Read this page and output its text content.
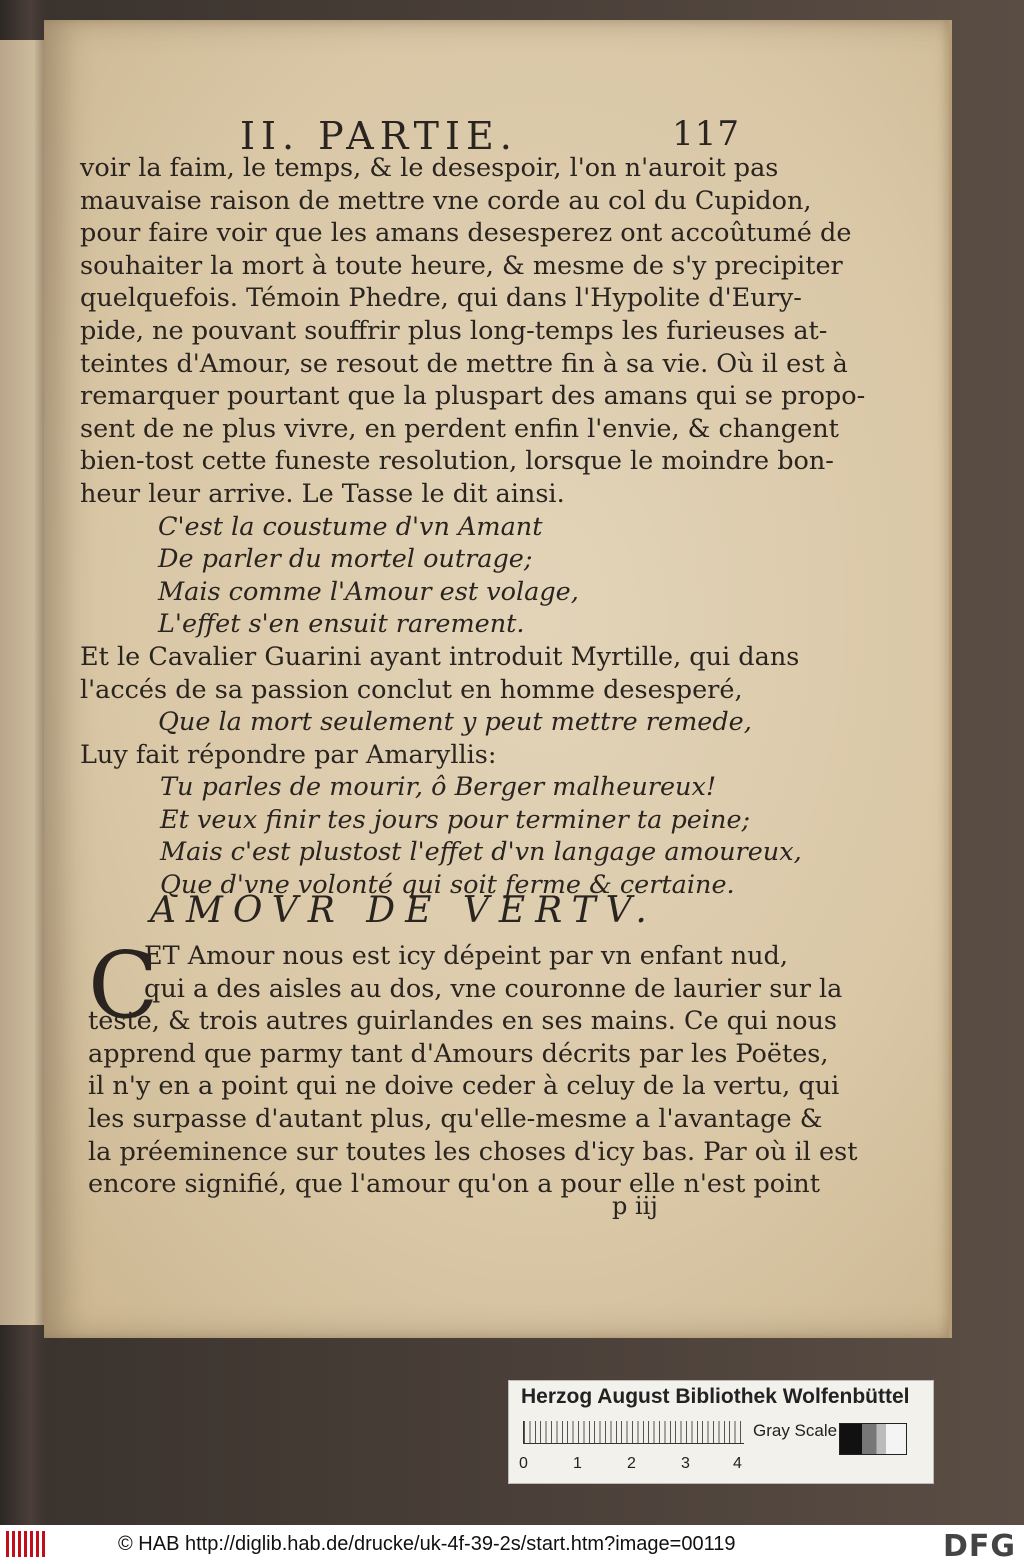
II. PARTIE.	117
voir la faim, le temps, & le desespoir, l'on n'auroit pas
mauvaise raison de mettre vne corde au col du Cupidon,
pour faire voir que les amans desesperez ont accoûtumé de
souhaiter la mort à toute heure, & mesme de s'y precipiter
quelquefois. Témoin Phedre, qui dans l'Hypolite d'Eury-
pide, ne pouvant souffrir plus long-temps les furieuses at-
teintes d'Amour, se resout de mettre fin à sa vie. Où il est à
remarquer pourtant que la pluspart des amans qui se propo-
sent de ne plus vivre, en perdent enfin l'envie, & changent
bien-tost cette funeste resolution, lorsque le moindre bon-
heur leur arrive. Le Tasse le dit ainsi.
C'est la coustume d'vn Amant
De parler du mortel outrage;
Mais comme l'Amour est volage,
L'effet s'en ensuit rarement.
Et le Cavalier Guarini ayant introduit Myrtille, qui dans
l'accés de sa passion conclut en homme desesperé,
Que la mort seulement y peut mettre remede,
Luy fait répondre par Amaryllis:
Tu parles de mourir, ô Berger malheureux!
Et veux finir tes jours pour terminer ta peine;
Mais c'est plustost l'effet d'vn langage amoureux,
Que d'vne volonté qui soit ferme & certaine.
AMOVR DE VERTV.
C
ET Amour nous est icy dépeint par vn enfant nud,
qui a des aisles au dos, vne couronne de laurier sur la
teste, & trois autres guirlandes en ses mains. Ce qui nous
apprend que parmy tant d'Amours décrits par les Poëtes,
il n'y en a point qui ne doive ceder à celuy de la vertu, qui
les surpasse d'autant plus, qu'elle-mesme a l'avantage &
la préeminence sur toutes les choses d'icy bas. Par où il est
encore signifié, que l'amour qu'on a pour elle n'est point
p iij
Herzog August Bibliothek Wolfenbüttel
0	1	2	3	4
Gray Scale
© HAB http://diglib.hab.de/drucke/uk-4f-39-2s/start.htm?image=00119	DFG
